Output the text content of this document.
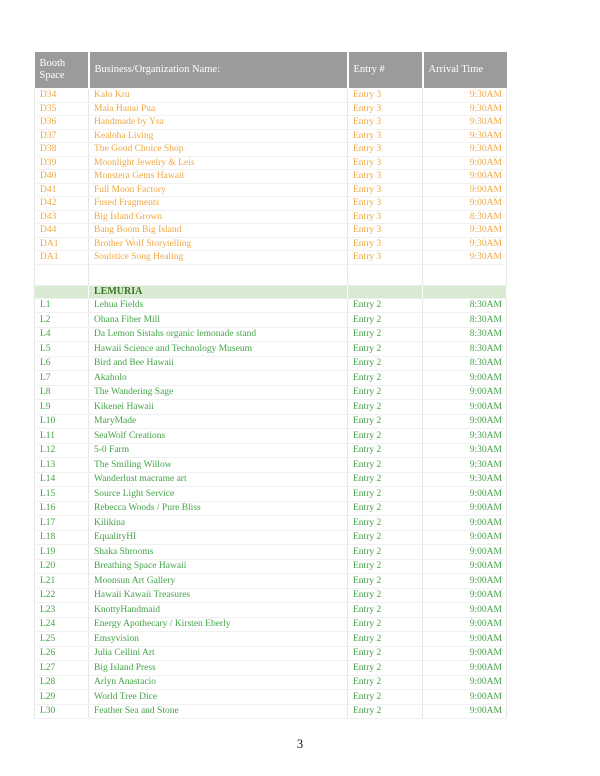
Booth Space	Business/Organization Name:	Entry #	Arrival Time
D34	Kalo Kru	Entry 3	9:30AM
D35	Mala Hanai Pua	Entry 3	9:30AM
D36	Handmade by Ysa	Entry 3	9:30AM
D37	Kealoha Living	Entry 3	9:30AM
D38	The Good Choice Shop	Entry 3	9:30AM
D39	Moonlight Jewelry & Leis	Entry 3	9:00AM
D40	Monstera Gems Hawaii	Entry 3	9:00AM
D41	Full Moon Factory	Entry 3	9:00AM
D42	Fused Fragments	Entry 3	9:00AM
D43	Big Island Grown	Entry 3	8:30AM
D44	Bang Boom Big Island	Entry 3	9:30AM
DA1	Brother Wolf Storytelling	Entry 3	9:30AM
DA1	Soulstice Song Healing	Entry 3	9:30AM

	LEMURIA		
L1	Lehua Fields	Entry 2	8:30AM
L2	Ohana Fiber Mill	Entry 2	8:30AM
L4	Da Lemon Sistahs organic lemonade stand	Entry 2	8:30AM
L5	Hawaii Science and Technology Museum	Entry 2	8:30AM
L6	Bird and Bee Hawaii	Entry 2	8:30AM
L7	Akaholo	Entry 2	9:00AM
L8	The Wandering Sage	Entry 2	9:00AM
L9	Kikenei Hawaii	Entry 2	9:00AM
L10	MaryMade	Entry 2	9:00AM
L11	SeaWolf Creations	Entry 2	9:30AM
L12	5-0 Farm	Entry 2	9:30AM
L13	The Smiling Willow	Entry 2	9:30AM
L14	Wanderlust macrame art	Entry 2	9:30AM
L15	Source Light Service	Entry 2	9:00AM
L16	Rebecca Woods / Pure Bliss	Entry 2	9:00AM
L17	Kilikina	Entry 2	9:00AM
L18	EqualityHI	Entry 2	9:00AM
L19	Shaka Shrooms	Entry 2	9:00AM
L20	Breathing Space Hawaii	Entry 2	9:00AM
L21	Moonsun Art Gallery	Entry 2	9:00AM
L22	Hawaii Kawaii Treasures	Entry 2	9:00AM
L23	KnottyHandmaid	Entry 2	9:00AM
L24	Energy Apothecary / Kirsten Eberly	Entry 2	9:00AM
L25	Emsyvision	Entry 2	9:00AM
L26	Julia Cellini Art	Entry 2	9:00AM
L27	Big Island Press	Entry 2	9:00AM
L28	Arlyn Anastacio	Entry 2	9:00AM
L29	World Tree Dice	Entry 2	9:00AM
L30	Feather Sea and Stone	Entry 2	9:00AM
3
